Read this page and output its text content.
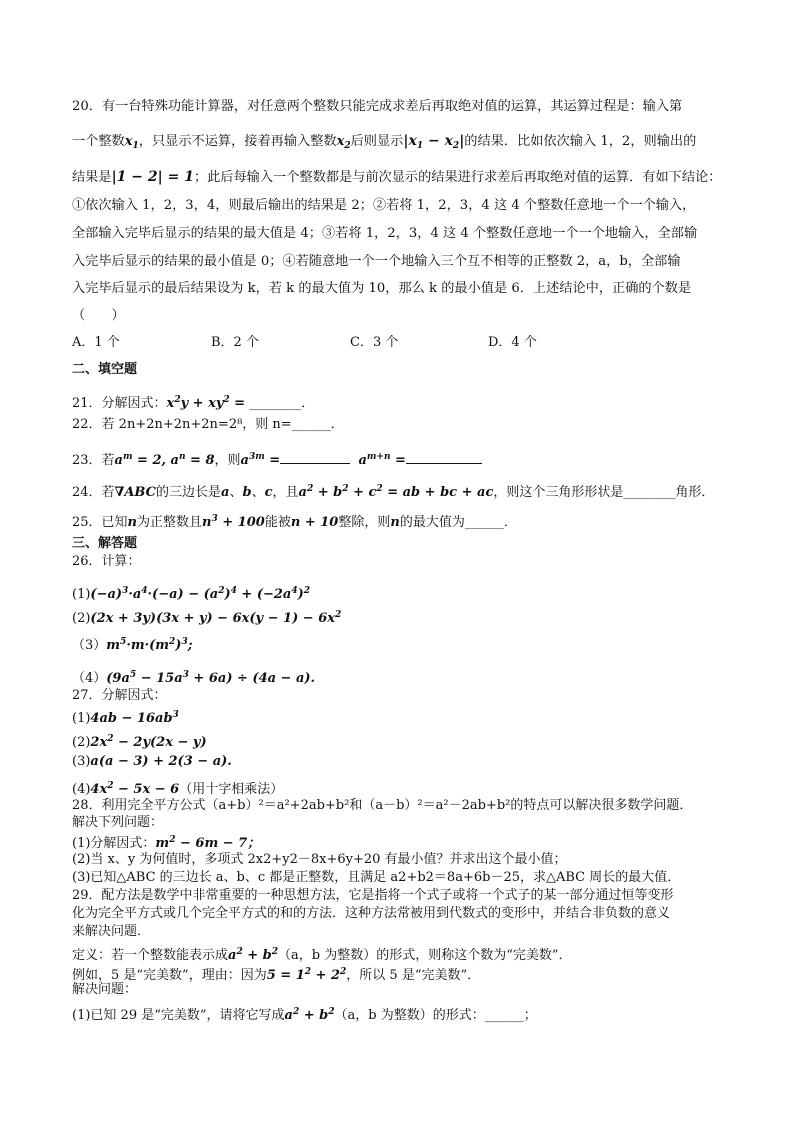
20．有一台特殊功能计算器，对任意两个整数只能完成求差后再取绝对值的运算，其运算过程是：输入第
一个整数$x_1$，只显示不运算，接着再输入整数$x_2$后则显示$|x_1 - x_2|$的结果．比如依次输入 1，2，则输出的
结果是|1 − 2| = 1；此后每输入一个整数都是与前次显示的结果进行求差后再取绝对值的运算．有如下结论：
①依次输入 1，2，3，4，则最后输出的结果是 2；②若将 1，2，3，4 这 4 个整数任意地一个一个输入，
全部输入完毕后显示的结果的最大值是 4；③若将 1，2，3，4 这 4 个整数任意地一个一个地输入，全部输
入完毕后显示的结果的最小值是 0；④若随意地一个一个地输入三个互不相等的正整数 2，a，b，全部输
入完毕后显示的最后结果设为 k，若 k 的最大值为 10，那么 k 的最小值是 6．上述结论中，正确的个数是
（　　）
A．1 个	B．2 个	C．3 个	D．4 个
二、填空题
21．分解因式：$x^2y + xy^2$ = ________．
22．若 2n+2n+2n+2n=2⁸，则 n=______．
23．若$a^m = 2$, $a^n = 8$，则$a^{3m}$ =	$a^{m+n}$ =
24．若∇ABC的三边长是a、b、c，且$a^2 + b^2 + c^2$ = ab + bc + ac，则这个三角形形状是________角形．
25．已知n为正整数且$n^3 + 100$能被n + 10整除，则n的最大值为______．
三、解答题
26．计算：
$(1)(-a)^3\cdot a^4\cdot(-a) - (a^2)^4 + (-2a^4)^2$
$(2)(2x + 3y)(3x + y) - 6x(y - 1) - 6x^2$
$(3)m^5\cdot m\cdot(m^2)^3$;
$(4)(9a^5 - 15a^3 + 6a) \div (4a - a)$.
27．分解因式：
$(1)4ab - 16ab^3$
$(2)2x^2 - 2y(2x - y)$
(3)a(a − 3) + 2(3 − a).
$(4)4x^2 - 5x - 6$（用十字相乘法）
28．利用完全平方公式（a+b）²＝a²+2ab+b²和（a－b）²＝a²－2ab+b²的特点可以解决很多数学问题．
解决下列问题：
(1)分解因式：$m^2 - 6m - 7$；
(2)当 x、y 为何值时，多项式 2x2+y2－8x+6y+20 有最小值？并求出这个最小值；
(3)已知△ABC 的三边长 a、b、c 都是正整数，且满足 a2+b2＝8a+6b－25，求△ABC 周长的最大值．
29．配方法是数学中非常重要的一种思想方法，它是指将一个式子或将一个式子的某一部分通过恒等变形
化为完全平方式或几个完全平方式的和的方法．这种方法常被用到代数式的变形中，并结合非负数的意义
来解决问题．
定义：若一个整数能表示成$a^2 + b^2(a$，b 为整数）的形式，则称这个数为“完美数”．
例如，5 是“完美数”，理由：因为$5 = 1^2 + 2^2$，所以 5 是“完美数”．
解决问题：
(1)已知 29 是“完美数”，请将它写成$a^2 + b^2(a$，b 为整数）的形式：______；
